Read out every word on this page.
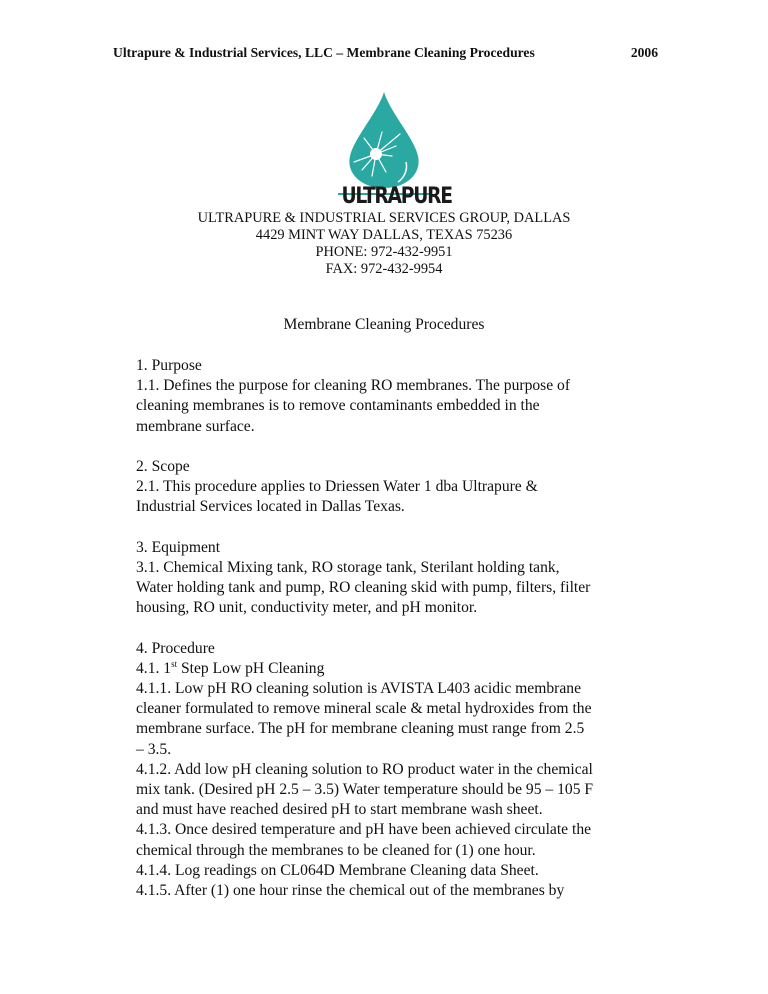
Ultrapure & Industrial Services, LLC – Membrane Cleaning Procedures	2006
ULTRAPURE
ULTRAPURE & INDUSTRIAL SERVICES GROUP, DALLAS
4429 MINT WAY DALLAS, TEXAS 75236
PHONE: 972-432-9951
FAX: 972-432-9954
Membrane Cleaning Procedures
1. Purpose
1.1. Defines the purpose for cleaning RO membranes. The purpose of
cleaning membranes is to remove contaminants embedded in the
membrane surface.
2. Scope
2.1. This procedure applies to Driessen Water 1 dba Ultrapure &
Industrial Services located in Dallas Texas.
3. Equipment
3.1. Chemical Mixing tank, RO storage tank, Sterilant holding tank,
Water holding tank and pump, RO cleaning skid with pump, filters, filter
housing, RO unit, conductivity meter, and pH monitor.
4. Procedure
4.1. 1st Step Low pH Cleaning
4.1.1. Low pH RO cleaning solution is AVISTA L403 acidic membrane
cleaner formulated to remove mineral scale & metal hydroxides from the
membrane surface. The pH for membrane cleaning must range from 2.5
– 3.5.
4.1.2. Add low pH cleaning solution to RO product water in the chemical
mix tank. (Desired pH 2.5 – 3.5) Water temperature should be 95 – 105 F
and must have reached desired pH to start membrane wash sheet.
4.1.3. Once desired temperature and pH have been achieved circulate the
chemical through the membranes to be cleaned for (1) one hour.
4.1.4. Log readings on CL064D Membrane Cleaning data Sheet.
4.1.5. After (1) one hour rinse the chemical out of the membranes by
